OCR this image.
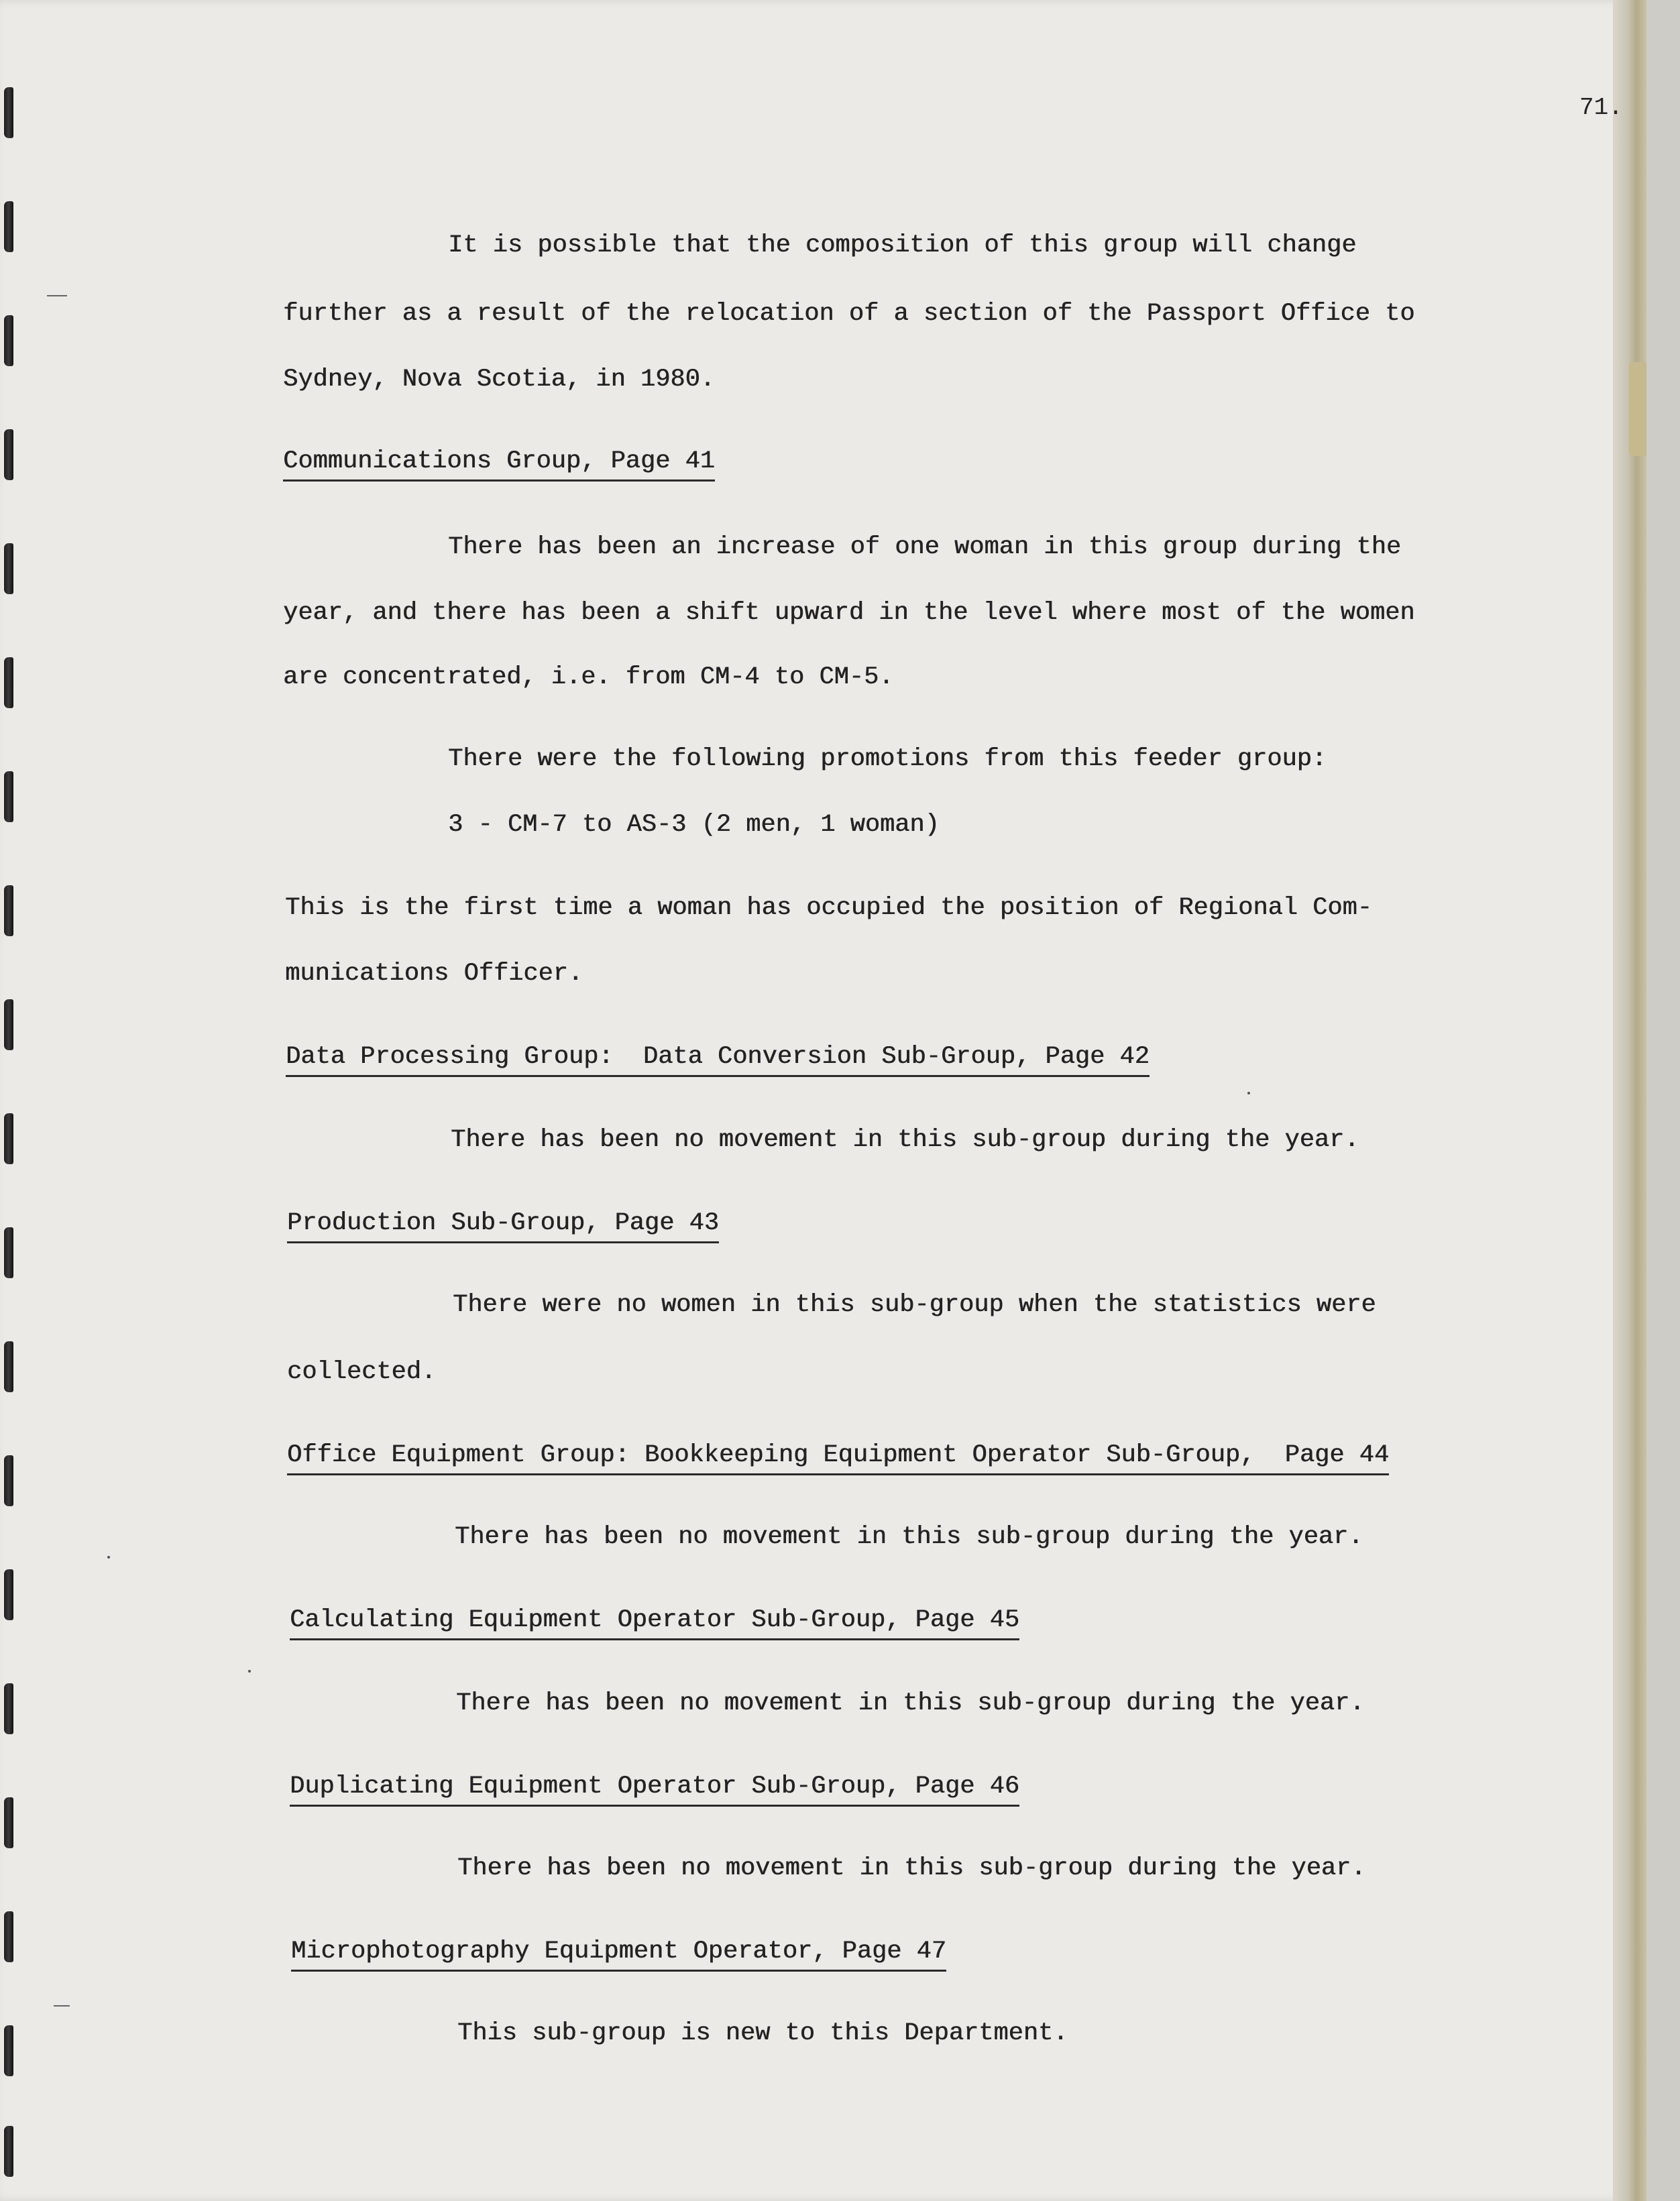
71.
It is possible that the composition of this group will change
further as a result of the relocation of a section of the Passport Office to
Sydney, Nova Scotia, in 1980.
Communications Group, Page 41
There has been an increase of one woman in this group during the
year, and there has been a shift upward in the level where most of the women
are concentrated, i.e. from CM-4 to CM-5.
There were the following promotions from this feeder group:
3 - CM-7 to AS-3 (2 men, 1 woman)
This is the first time a woman has occupied the position of Regional Com-
munications Officer.
Data Processing Group:  Data Conversion Sub-Group, Page 42
There has been no movement in this sub-group during the year.
Production Sub-Group, Page 43
There were no women in this sub-group when the statistics were
collected.
Office Equipment Group: Bookkeeping Equipment Operator Sub-Group,  Page 44
There has been no movement in this sub-group during the year.
Calculating Equipment Operator Sub-Group, Page 45
There has been no movement in this sub-group during the year.
Duplicating Equipment Operator Sub-Group, Page 46
There has been no movement in this sub-group during the year.
Microphotography Equipment Operator, Page 47
This sub-group is new to this Department.
